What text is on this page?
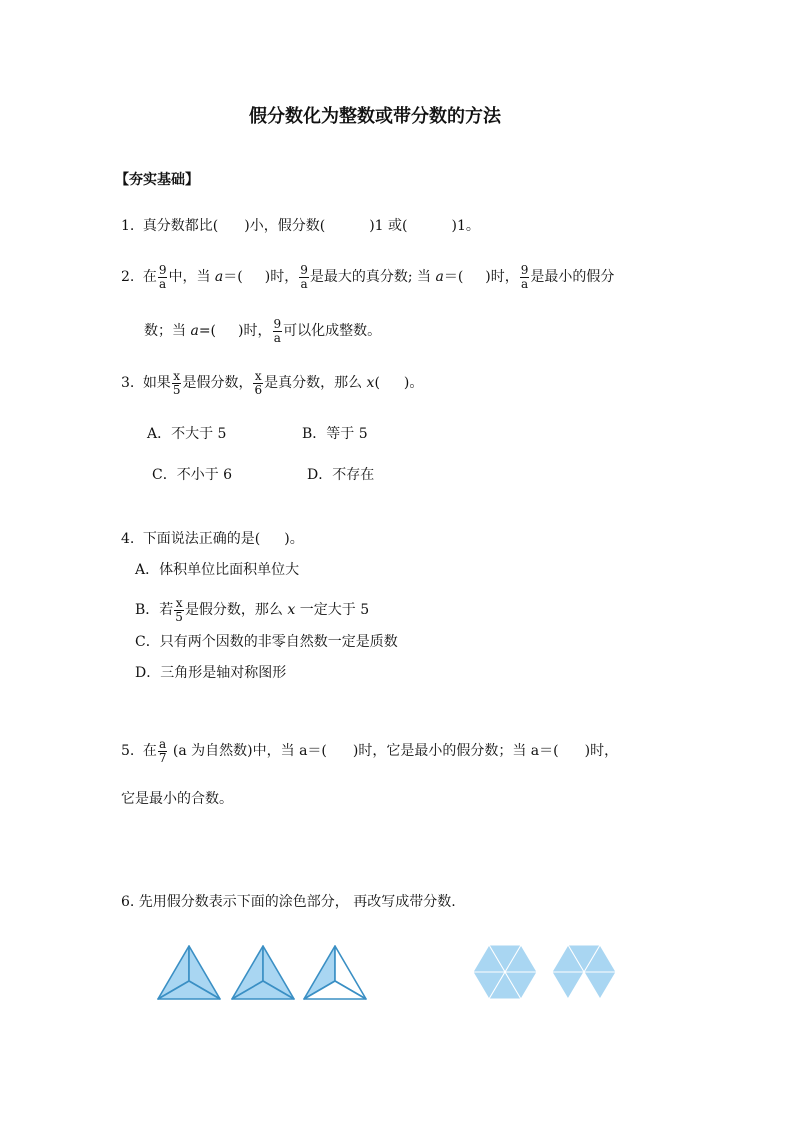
假分数化为整数或带分数的方法
【夯实基础】
1. 真分数都比( )小，假分数(	)1 或(	)1。
2. 在 $\frac{9}{a}$ 中，当 a＝( )时， $\frac{9}{a}$ 是最大的真分数; 当 a＝( )时， $\frac{9}{a}$ 是最小的假分
数；当 a=( )时， $\frac{9}{a}$ 可以化成整数。
3. 如果 $\frac{x}{5}$ 是假分数， $\frac{x}{6}$ 是真分数，那么 x( )。
A．不大于 5	B．等于 5
C．不小于 6	D．不存在
4. 下面说法正确的是( )。
A．体积单位比面积单位大
B．若 $\frac{x}{5}$ 是假分数，那么 x 一定大于 5
C．只有两个因数的非零自然数一定是质数
D．三角形是轴对称图形
5. 在 $\frac{a}{7} (a$ 为自然数)中，当 a＝( )时，它是最小的假分数；当 a＝( )时，
它是最小的合数。
6. 先用假分数表示下面的涂色部分， 再改写成带分数.
